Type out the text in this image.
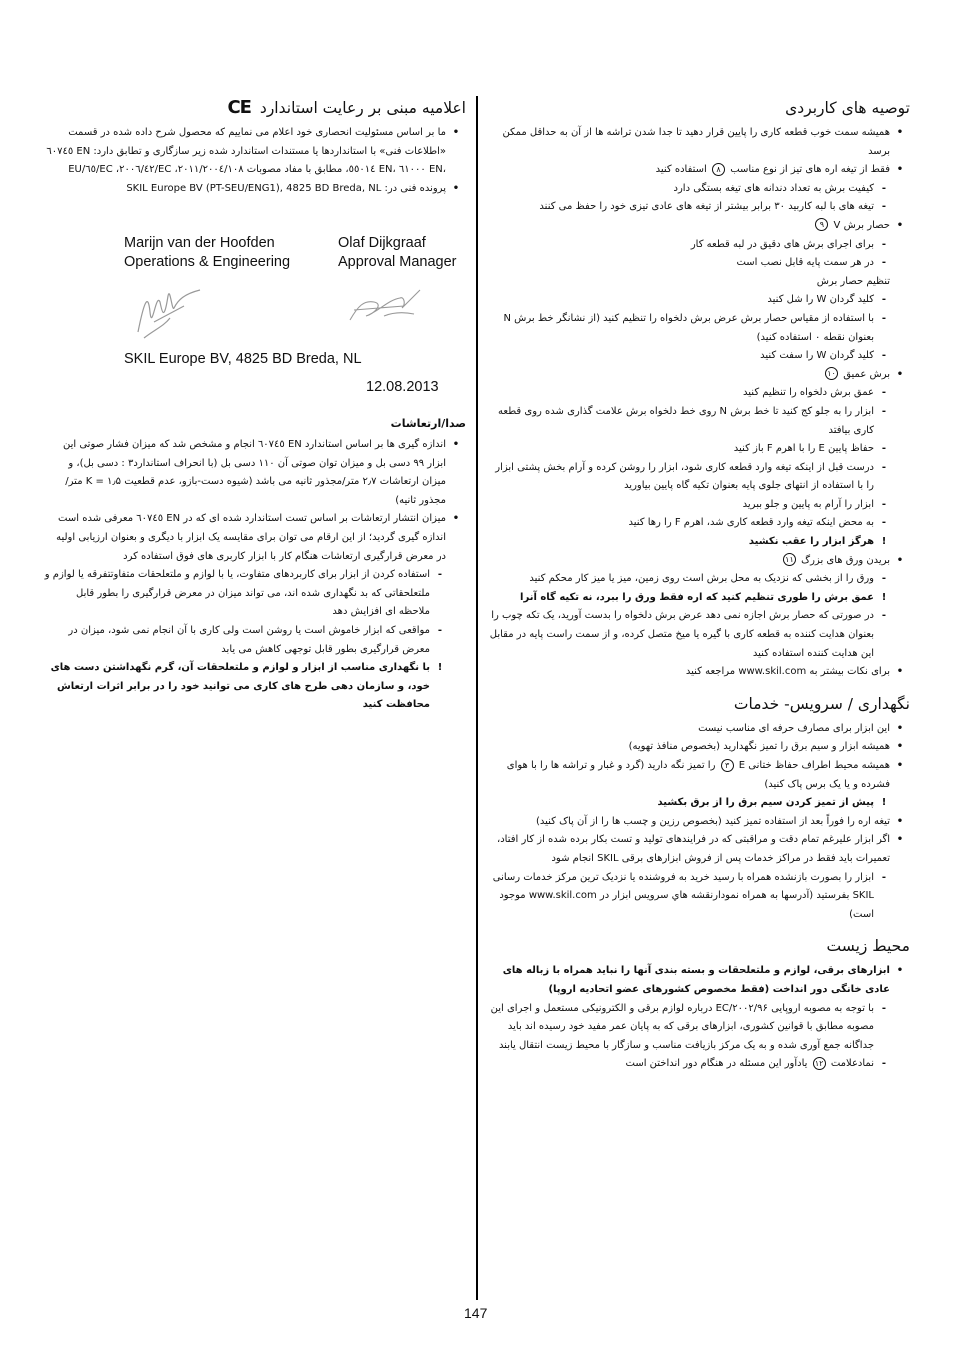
توصیه های کاربردی
•
همیشه سمت خوب قطعه کاری را پایین قرار دهید تا جدا شدن تراشه ها از آن به حداقل ممکن برسد
•
فقط از تیغه اره های تیز از نوع مناسب ٨ استفاده کنید
-
کیفیت برش به تعداد دندانه های تیغه بستگی دارد
-
تیغه های با لبه کاربید ۳۰ برابر بیشتر از تیغه های عادی تیزی خود را حفظ می کنند
•
حصار برش V ٩
-
برای اجرای برش های دقیق در لبه قطعه کار
-
در هر سمت پایه قابل نصب است
تنظیم حصار برش
-
کلید گردان W را شل کنید
-
با استفاده از مقیاس حصار برش عرض برش دلخواه را تنظیم کنید (از نشانگر خط برش N بعنوان نقطه ۰ استفاده کنید)
-
کلید گردان W را سفت کنید
•
برش عمیق ١٠
-
عمق برش دلخواه را تنظیم کنید
-
ابزار را به جلو کج کنید تا خط برش N روی خط دلخواه برش علامت گذاری شده روی قطعه کاری بیافتد
-
حفاظ پایین E را با اهرم F باز کنید
-
درست قبل از اینکه تیغه وارد قطعه کاری شود، ابزار را روشن کرده و آرام بخش پشتی ابزار را با استفاده از انتهای جلوی پایه بعنوان تکیه گاه پایین بیاورید
-
ابزار را آرام به پایین و جلو ببرید
-
به محض اینکه تیغه وارد قطعه کاری شد، اهرم F را رها کنید
!
هرگز ابزار را عقب نکشید
•
بریدن ورق های بزرگ ١١
-
ورق را از بخشی که نزدیک به محل برش است روی زمین، میز یا میز کار محکم کنید
!
عمق برش را طوری تنظیم کنید که اره فقط ورق را ببرد، نه تکیه گاه آنرا
-
در صورتی که حصار برش اجازه نمی دهد عرض برش دلخواه را بدست آورید، یک تکه چوب را بعنوان هدایت کننده به قطعه کاری با گیره یا میخ متصل کرده، و از سمت راست پایه در مقابل این هدایت کننده استفاده کنید
•
برای نکات بیشتر به www.skil.com مراجعه کنید
نگهداری / سرویس- خدمات
•
این ابزار برای مصارف حرفه ای مناسب نیست
•
همیشه ابزار و سیم برق را تمیز نگهدارید (بخصوص منافذ تهویه)
•
همیشه محیط اطراف حفاظ ختانی E ٣ را تمیز نگه دارید (گرد و غبار و تراشه ها را با هوای فشرده و یا یک برس پاک کنید)
!
پیش از تمیز کردن سیم برق را از برق بکشید
•
تیغه اره را فوراً بعد از استفاده تمیز کنید (بخصوص رزین و چسب ها را از آن پاک کنید)
•
اگر ابزار علیرغم تمام دقت و مراقبتی که در فرایندهای تولید و تست بکار برده شده از کار افتاد، تعمیرات باید فقط در مراکز خدمات پس از فروش ابزارهای برقی SKIL انجام شود
-
ابزار را بصورت بازنشده همراه با رسید خرید به فروشنده یا نزدیک ترین مرکز خدمات رسانی SKIL بفرستید (آدرسها به همراه نمودارنقشه هاي سرويس ابزار در www.skil.com موجود است)
محیط زیست
•
ابزارهای برقی، لوازم و ملتعلحقات و بسته بندی آنها را نباید همراه با زباله های عادی خانگی دور انداخت (فقط مخصوص کشورهای عضو اتحادیه اروپا)
-
با توجه به مصوبه اروپایی ۲۰۰۲/۹۶/EC درباره لوازم برقی و الکترونیکی مستعمل و اجرای این مصوبه مطابق با قوانین کشوری، ابزارهای برقی که به پایان عمر مفید خود رسیده اند باید جداگانه جمع آوری شده و به یک مرکز بازیافت مناسب و سازگار با محیط زیست انتقال یابند
-
نمادعلامت ١٢ یادآور این مسئله در هنگام دور انداختن است
اعلامیه مبنی بر رعایت استاندارد CE
•
ما بر اساس مسئولیت انحصاری خود اعلام می نماییم که محصول شرح داده شده در قسمت «اطلاعات فنی» با استانداردها یا مستندات استاندارد شده زیر سازگاری و تطابق دارد: EN ٦٠٧٤٥ ،EN ٦١٠٠٠ ،EN ٥٥٠١٤، مطابق با مفاد مصوبات ۲۰۰٤/۱۰۸/EC ،۲۰۰٦/٤۲/EC ،۲۰۱۱/٦٥/EU
•
پرونده فنی در: SKIL Europe BV (PT-SEU/ENG1), 4825 BD Breda, NL
Marijn van der Hoofden
Operations & Engineering
Olaf Dijkgraaf
Approval Manager
SKIL Europe BV, 4825 BD Breda, NL
12.08.2013
صدا/ارتعاشات
•
اندازه گیری ها بر اساس استاندارد EN ٦٠٧٤٥ انجام و مشخص شد که میزان فشار صوتی این ابزار ۹۹ دسی بل و میزان توان صوتی آن ۱۱۰ دسی بل (با انحراف استاندارد۳ : دسی بل)، و میزان ارتعاشات ۲٫۷ متر/مجذور ثانیه می باشد (شیوه دست-بازو، عدم قطعیت K = ۱٫۵ متر/مجذور ثانیه)
•
میزان انتشار ارتعاشات بر اساس تست استاندارد شده ای که در EN ٦٠٧٤٥ معرفی شده است اندازه گیری گردید؛ از این ارقام می توان برای مقایسه یک ابزار با دیگری و بعنوان ارزیابی اولیه در معرض قرارگیری ارتعاشات هنگام کار با ابزار کاربری های فوق استفاده کرد
-
استفاده کردن از ابزار برای کاربردهای متفاوت، یا با لوازم و ملتعلحقات متفاوتتفرقه یا لوازم و ملتعلحقاتی که بد نگهداری شده اند، می تواند میزان در معرض قرارگیری را بطور قابل ملاحظه ای افزایش دهد
-
مواقعی که ابزار خاموش است یا روشن است ولی کاری با آن انجام نمی شود، میزان در معرض قرارگیری بطور قابل توجهی کاهش می یابد
!
با نگهداری مناسب از ابزار و لوازم و ملتعلحقات آن، گرم نگهداشتن دست های خود، و سازمان دهی طرح های کاری می توانید خود را در برابر اثرات ارتعاش محافظت کنید
147
